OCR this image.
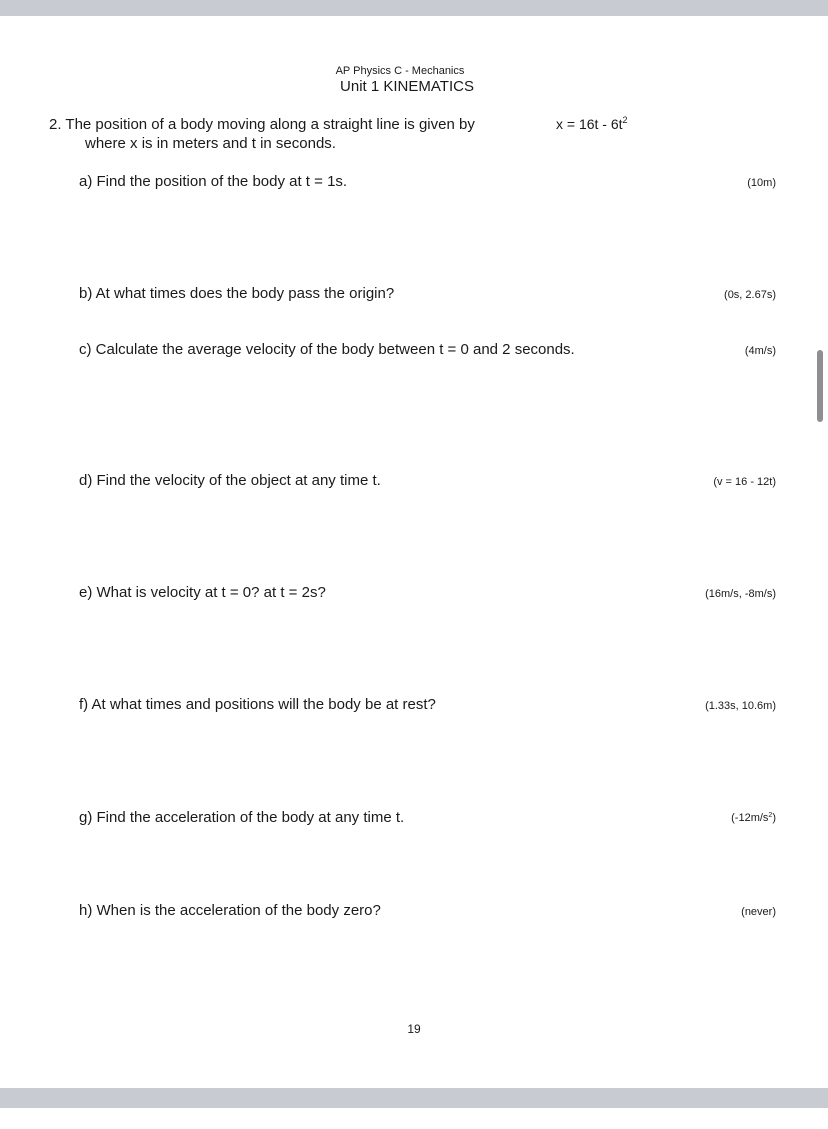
AP Physics C - Mechanics
Unit 1 KINEMATICS
2. The position of a body moving along a straight line is given by	$x = 16t - 6t^2$
where x is in meters and t in seconds.
a) Find the position of the body at t = 1s.	(10m)
b) At what times does the body pass the origin?	(0s, 2.67s)
c) Calculate the average velocity of the body between t = 0 and 2 seconds.	(4m/s)
d) Find the velocity of the object at any time t.	(v = 16 - 12t)
e) What is velocity at t = 0? at t = 2s?	(16m/s, -8m/s)
f) At what times and positions will the body be at rest?	(1.33s, 10.6m)
g) Find the acceleration of the body at any time t.	$(-12m/s^2)$
h) When is the acceleration of the body zero?	(never)
19
